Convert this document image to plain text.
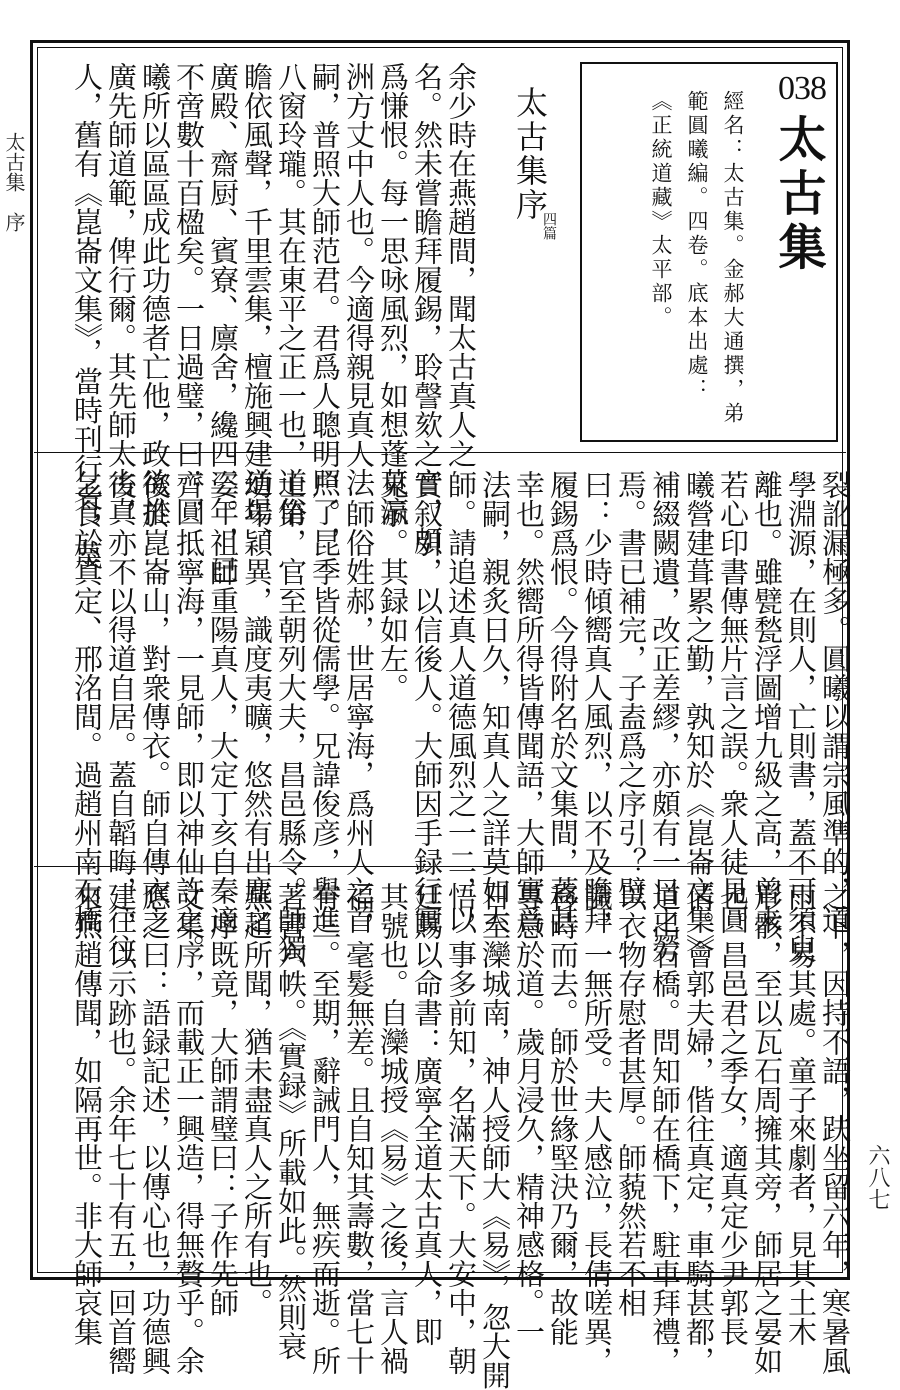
太古集　序
六八七
038
太古集
經名：太古集。金郝大通撰，弟
範圓曦編。四卷。底本出處：
《正統道藏》太平部。
太古集序
四篇
余少時在燕趙間，聞太古真人之
名。然未嘗瞻拜履錫，聆謦欬之音，頗
爲慊恨。每一思咏風烈，如想蓬萊瀛
洲方丈中人也。今適得親見真人法
嗣，普照大師范君。君爲人聰明照了，
八窗玲瓏。其在東平之正一也，道俗
瞻依風聲，千里雲集，檀施興建道場、
廣殿、齋厨、賓寮、廪舍，纔四三年，已
不啻數十百楹矣。一日過璧，曰：圓
曦所以區區成此功德者亡他，政欲推
廣先師道範，俾行爾。其先師太古真
人，舊有《崑崙文集》，當時刊行者，蔑
裂訛漏極多。圓曦以謂宗風準的，道
學淵源，在則人，亡則書，蓋不可須臾
離也。雖甓甃浮圖增九級之高，曾未
若心印書傳無片言之誤。衆人徒見圓
曦營建葺累之勤，孰知於《崑崙文集》
補綴闕遺，改正差繆，亦頗有一日之勞
焉。書已補完，子盍爲之序引？璧
曰：少時傾嚮真人風烈，以不及瞻拜
履錫爲恨。今得附名於文集間，蓋甚
幸也。然嚮所得皆傳聞語，大師實爲
法嗣，親炙日久，知真人之詳莫如大
師。請追述真人道德風烈之一二，以
實叙引，以信後人。大師因手録行實
見示。其録如左。
　師俗姓郝，世居寧海，爲州人之首
户。昆季皆從儒學。兄諱俊彦，舉進
士第，官至朝列大夫，昌邑縣令。師獨
幼年穎異，識度夷曠，悠然有出塵之
姿。祖師重陽真人，大定丁亥自秦適
齊，抵寧海，一見師，即以神仙許之。
後於崑崙山，對衆傳衣。師自傳衣之
後，亦不以得道自居。蓋自韜晦，往往
乞食於真定、邢洺間。過趙州南石橋
之下，因持不語，趺坐留六年，寒暑風
雨不易其處。童子來劇者，見其土木
形骸，至以瓦石周擁其旁，師居之晏如
也。昌邑君之季女，適真定少尹郭長
倩。會郭夫婦，偕往真定，車騎甚都，
道出石橋。問知師在橋下，駐車拜禮，
以衣物存慰者甚厚。師藐然若不相
識，一無所受。夫人感泣，長倩嗟異，
移時而去。師於世緣堅決乃爾，故能
專意於道。歲月浸久，精神感格。一
日至灤城南，神人授師大《易》，忽大開
悟，事多前知，名滿天下。大安中，朝
廷賜以命書：廣寧全道太古真人，即
其號也。自灤城授《易》之後，言人禍
福，毫髮無差。且自知其壽數，當七十
有三。至期，辭誡門人，無疾而逝。所
著書六帙。《實録》所載如此。然則衰
燕趙所聞，猶未盡真人之所有也。
　序既竟，大師謂璧曰：子作先師
文集序，而載正一興造，得無贅乎。余
應之曰：語録記述，以傳心也，功德興
建，以示跡也。余年七十有五，回首嚮
來燕趙傳聞，如隔再世。非大師哀集
